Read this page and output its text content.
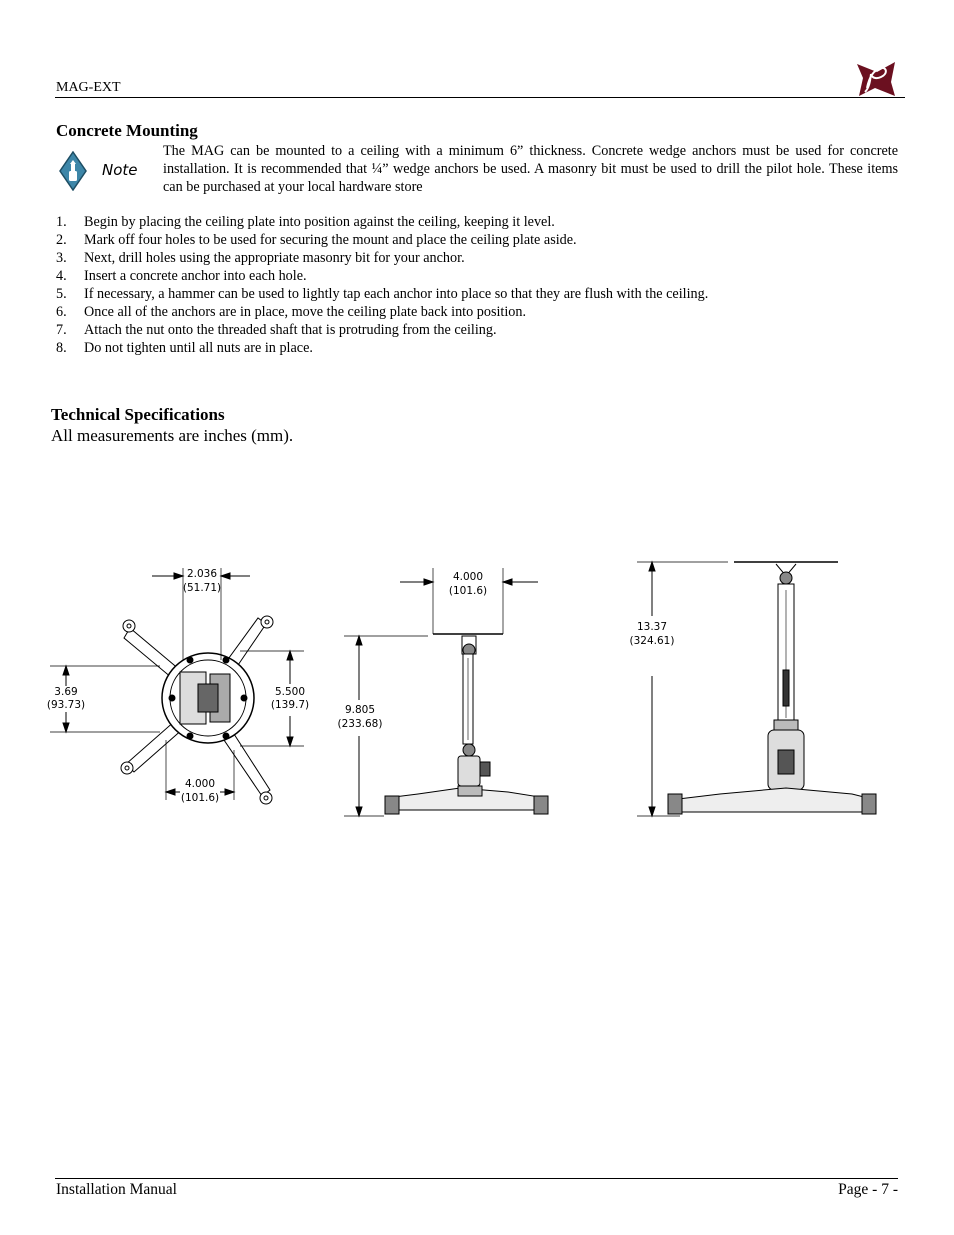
MAG-EXT
Concrete Mounting
Note
The MAG can be mounted to a ceiling with a minimum 6” thickness. Concrete wedge anchors must be used for concrete installation. It is recommended that ¼” wedge anchors be used. A masonry bit must be used to drill the pilot hole. These items can be purchased at your local hardware store
1. Begin by placing the ceiling plate into position against the ceiling, keeping it level.
2. Mark off four holes to be used for securing the mount and place the ceiling plate aside.
3. Next, drill holes using the appropriate masonry bit for your anchor.
4. Insert a concrete anchor into each hole.
5. If necessary, a hammer can be used to lightly tap each anchor into place so that they are flush with the ceiling.
6. Once all of the anchors are in place, move the ceiling plate back into position.
7. Attach the nut onto the threaded shaft that is protruding from the ceiling.
8. Do not tighten until all nuts are in place.
Technical Specifications
All measurements are inches (mm).
2.036
(51.71)
3.69
(93.73)
5.500
(139.7)
4.000
(101.6)
4.000
(101.6)
9.805
(233.68)
13.37
(324.61)
Installation Manual	Page - 7 -
